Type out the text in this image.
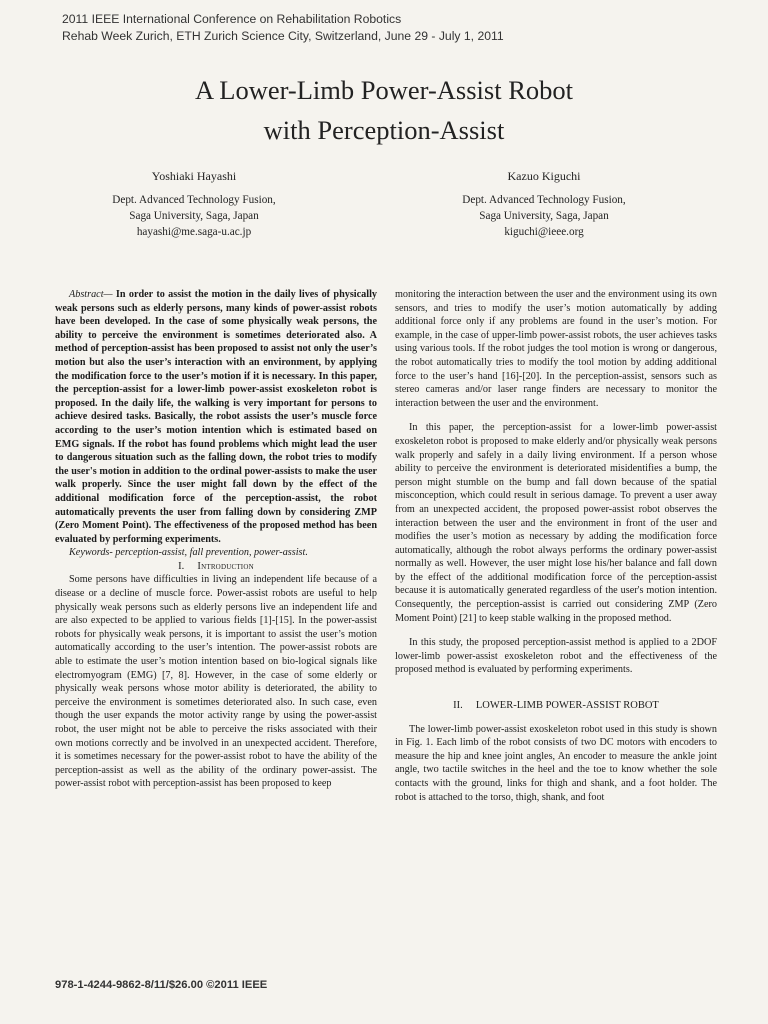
2011 IEEE International Conference on Rehabilitation Robotics
Rehab Week Zurich, ETH Zurich Science City, Switzerland, June 29 - July 1, 2011
A Lower-Limb Power-Assist Robot
with Perception-Assist
Yoshiaki Hayashi
Dept. Advanced Technology Fusion,
Saga University, Saga, Japan
hayashi@me.saga-u.ac.jp
Kazuo Kiguchi
Dept. Advanced Technology Fusion,
Saga University, Saga, Japan
kiguchi@ieee.org

Abstract— In order to assist the motion in the daily lives of physically weak persons such as elderly persons, many kinds of power-assist robots have been developed. In the case of some physically weak persons, the ability to perceive the environment is sometimes deteriorated also. A method of perception-assist has been proposed to assist not only the user’s motion but also the user’s interaction with an environment, by applying the modification force to the user’s motion if it is necessary. In this paper, the perception-assist for a lower-limb power-assist exoskeleton robot is proposed. In the daily life, the walking is very important for persons to achieve desired tasks. Basically, the robot assists the user’s muscle force according to the user’s motion intention which is estimated based on EMG signals. If the robot has found problems which might lead the user to dangerous situation such as the falling down, the robot tries to modify the user's motion in addition to the ordinal power-assists to make the user walk properly. Since the user might fall down by the effect of the additional modification force of the perception-assist, the robot automatically prevents the user from falling down by considering ZMP (Zero Moment Point). The effectiveness of the proposed method has been evaluated by performing experiments.

Keywords- perception-assist, fall prevention, power-assist.

I. Introduction

Some persons have difficulties in living an independent life because of a disease or a decline of muscle force. Power-assist robots are useful to help physically weak persons such as elderly persons live an independent life and are also expected to be applied to various fields [1]-[15]. In the power-assist robots for physically weak persons, it is important to assist the user’s motion automatically according to the user’s intention. The power-assist robots are able to estimate the user’s motion intention based on bio-logical signals like electromyogram (EMG) [7, 8]. However, in the case of some elderly or physically weak persons whose motor ability is deteriorated, the ability to perceive the environment is sometimes deteriorated also. In such case, even though the user expands the motor activity range by using the power-assist robot, the user might not be able to perceive the risks associated with their own motions correctly and be involved in an unexpected accident. Therefore, it is sometimes necessary for the power-assist robot to have the ability of the perception-assist as well as the ability of the ordinary power-assist. The power-assist robot with perception-assist has been proposed to keep

monitoring the interaction between the user and the environment using its own sensors, and tries to modify the user’s motion automatically by adding additional force only if any problems are found in the user’s motion. For example, in the case of upper-limb power-assist robots, the user achieves tasks using various tools. If the robot judges the tool motion is wrong or dangerous, the robot automatically tries to modify the tool motion by adding additional force to the user’s hand [16]-[20]. In the perception-assist, sensors such as stereo cameras and/or laser range finders are necessary to monitor the interaction between the user and the environment.

In this paper, the perception-assist for a lower-limb power-assist exoskeleton robot is proposed to make elderly and/or physically weak persons walk properly and safely in a daily living environment. If a person whose ability to perceive the environment is deteriorated misidentifies a bump, the person might stumble on the bump and fall down because of the spatial misconception, which could result in serious damage. To prevent a user away from an unexpected accident, the proposed power-assist robot observes the interaction between the user and the environment in front of the user and modifies the user’s motion as necessary by adding the modification force automatically, although the robot always performs the ordinary power-assist normally as well. However, the user might lose his/her balance and fall down by the effect of the additional modification force of the perception-assist because it is automatically generated regardless of the user's motion intention. Consequently, the perception-assist is carried out considering ZMP (Zero Moment Point) [21] to keep stable walking in the proposed method.

In this study, the proposed perception-assist method is applied to a 2DOF lower-limb power-assist exoskeleton robot and the effectiveness of the proposed method is evaluated by performing experiments.

II. LOWER-LIMB POWER-ASSIST ROBOT

The lower-limb power-assist exoskeleton robot used in this study is shown in Fig. 1. Each limb of the robot consists of two DC motors with encoders to measure the hip and knee joint angles, An encoder to measure the ankle joint angle, two tactile switches in the heel and the toe to know whether the sole contacts with the ground, links for thigh and shank, and a foot holder. The robot is attached to the torso, thigh, shank, and foot

978-1-4244-9862-8/11/$26.00 ©2011 IEEE
